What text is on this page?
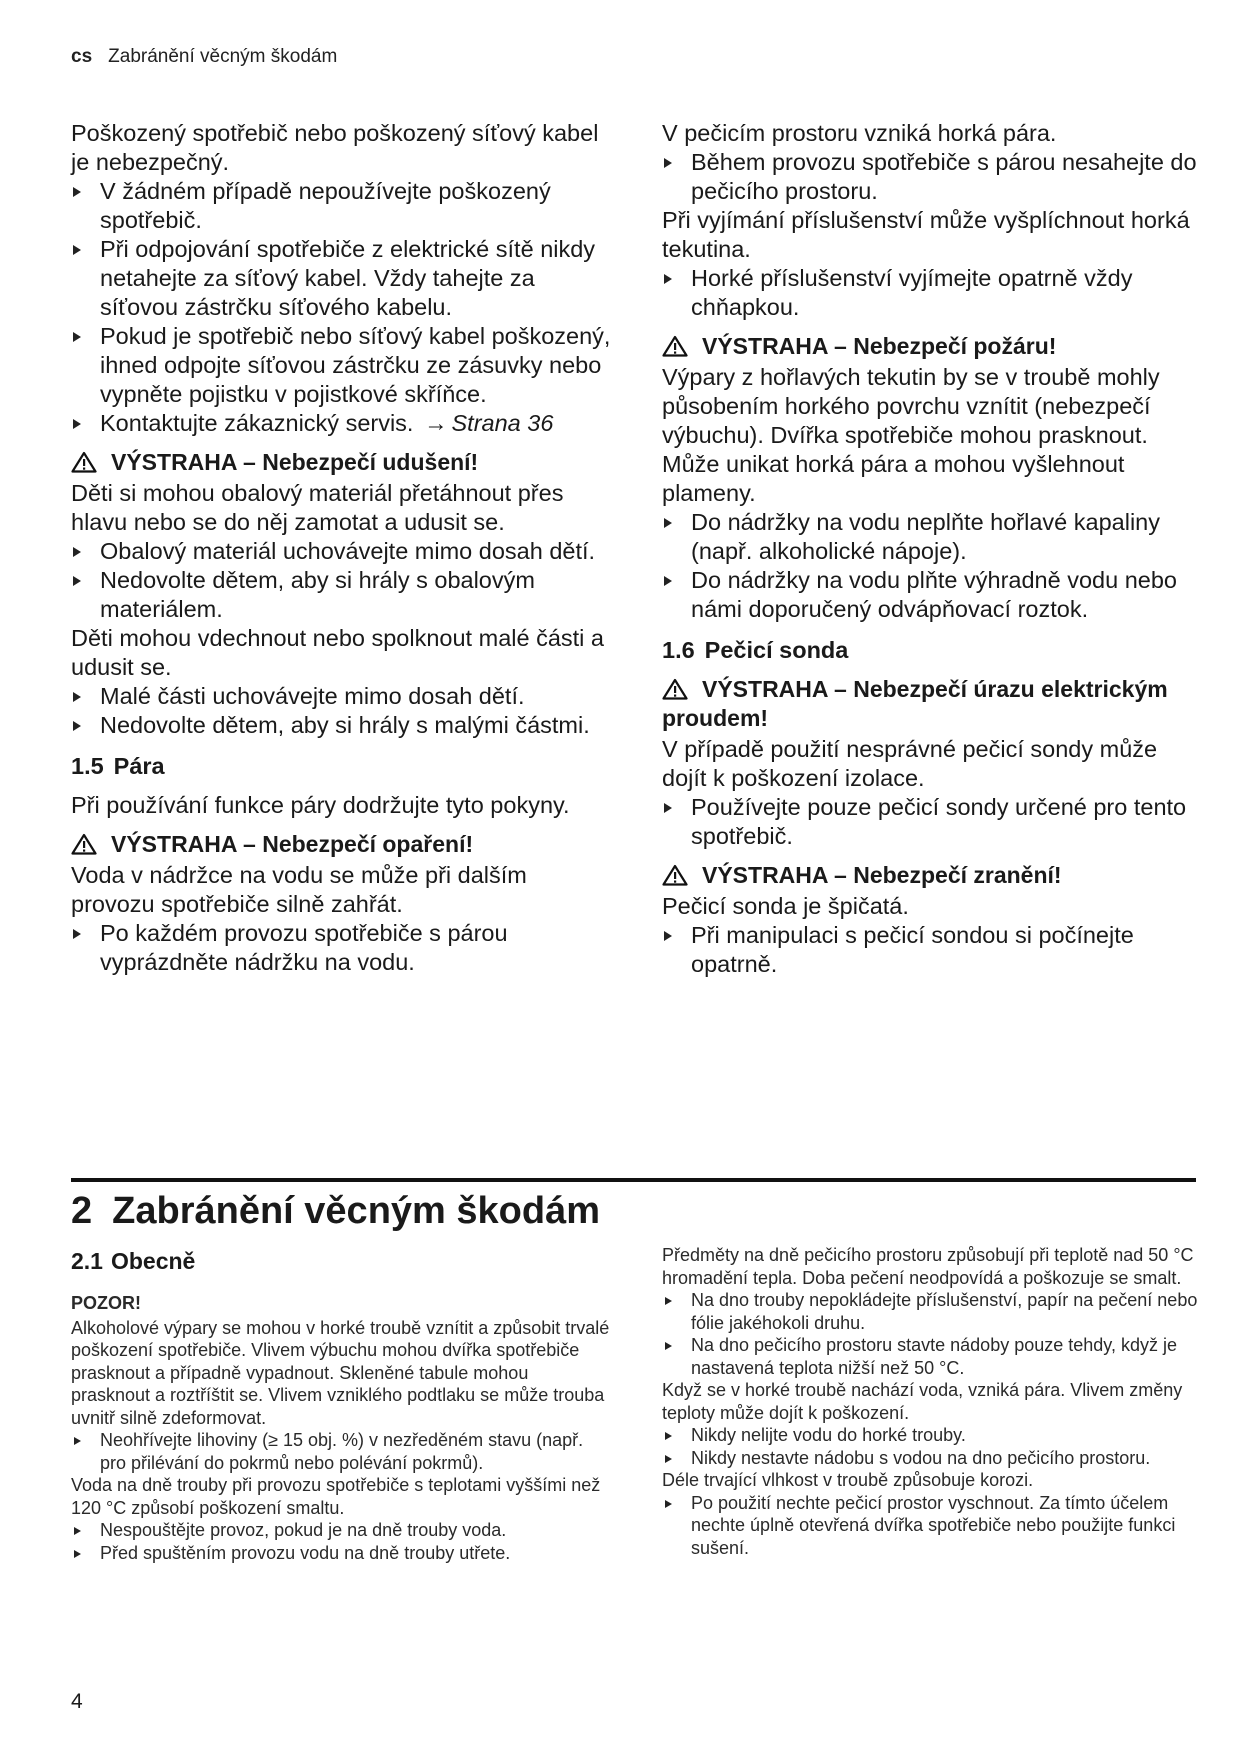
cs Zabránění věcným škodám

Poškozený spotřebič nebo poškozený síťový kabel je nebezpečný.

V žádném případě nepoužívejte poškozený spotřebič.
Při odpojování spotřebiče z elektrické sítě nikdy netahejte za síťový kabel. Vždy tahejte za síťovou zástrčku síťového kabelu.
Pokud je spotřebič nebo síťový kabel poškozený, ihned odpojte síťovou zástrčku ze zásuvky nebo vypněte pojistku v pojistkové skříňce.
Kontaktujte zákaznický servis. → Strana 36
VÝSTRAHA – Nebezpečí udušení!

Děti si mohou obalový materiál přetáhnout přes hlavu nebo se do něj zamotat a udusit se.

Obalový materiál uchovávejte mimo dosah dětí.
Nedovolte dětem, aby si hrály s obalovým materiálem.

Děti mohou vdechnout nebo spolknout malé části a udusit se.

Malé části uchovávejte mimo dosah dětí.
Nedovolte dětem, aby si hrály s malými částmi.
1.5 Pára

Při používání funkce páry dodržujte tyto pokyny.

VÝSTRAHA – Nebezpečí opaření!

Voda v nádržce na vodu se může při dalším provozu spotřebiče silně zahřát.

Po každém provozu spotřebiče s párou vyprázdněte nádržku na vodu.

V pečicím prostoru vzniká horká pára.

Během provozu spotřebiče s párou nesahejte do pečicího prostoru.

Při vyjímání příslušenství může vyšplíchnout horká tekutina.

Horké příslušenství vyjímejte opatrně vždy chňapkou.
VÝSTRAHA – Nebezpečí požáru!

Výpary z hořlavých tekutin by se v troubě mohly působením horkého povrchu vznítit (nebezpečí výbuchu). Dvířka spotřebiče mohou prasknout. Může unikat horká pára a mohou vyšlehnout plameny.

Do nádržky na vodu neplňte hořlavé kapaliny (např. alkoholické nápoje).
Do nádržky na vodu plňte výhradně vodu nebo námi doporučený odvápňovací roztok.
1.6 Pečicí sonda
VÝSTRAHA – Nebezpečí úrazu elektrickým proudem!

V případě použití nesprávné pečicí sondy může dojít k poškození izolace.

Používejte pouze pečicí sondy určené pro tento spotřebič.
VÝSTRAHA – Nebezpečí zranění!

Pečicí sonda je špičatá.

Při manipulaci s pečicí sondou si počínejte opatrně.
2 Zabránění věcným škodám
2.1 Obecně

POZOR!

Alkoholové výpary se mohou v horké troubě vznítit a způsobit trvalé poškození spotřebiče. Vlivem výbuchu mohou dvířka spotřebiče prasknout a případně vypadnout. Skleněné tabule mohou prasknout a roztříštit se. Vlivem vzniklého podtlaku se může trouba uvnitř silně zdeformovat.

Neohřívejte lihoviny (≥ 15 obj. %) v nezředěném stavu (např. pro přilévání do pokrmů nebo polévání pokrmů).

Voda na dně trouby při provozu spotřebiče s teplotami vyššími než 120 °C způsobí poškození smaltu.

Nespouštějte provoz, pokud je na dně trouby voda.
Před spuštěním provozu vodu na dně trouby utřete.

Předměty na dně pečicího prostoru způsobují při teplotě nad 50 °C hromadění tepla. Doba pečení neodpovídá a poškozuje se smalt.

Na dno trouby nepokládejte příslušenství, papír na pečení nebo fólie jakéhokoli druhu.
Na dno pečicího prostoru stavte nádoby pouze tehdy, když je nastavená teplota nižší než 50 °C.

Když se v horké troubě nachází voda, vzniká pára. Vlivem změny teploty může dojít k poškození.

Nikdy nelijte vodu do horké trouby.
Nikdy nestavte nádobu s vodou na dno pečicího prostoru.

Déle trvající vlhkost v troubě způsobuje korozi.

Po použití nechte pečicí prostor vyschnout. Za tímto účelem nechte úplně otevřená dvířka spotřebiče nebo použijte funkci sušení.
4
